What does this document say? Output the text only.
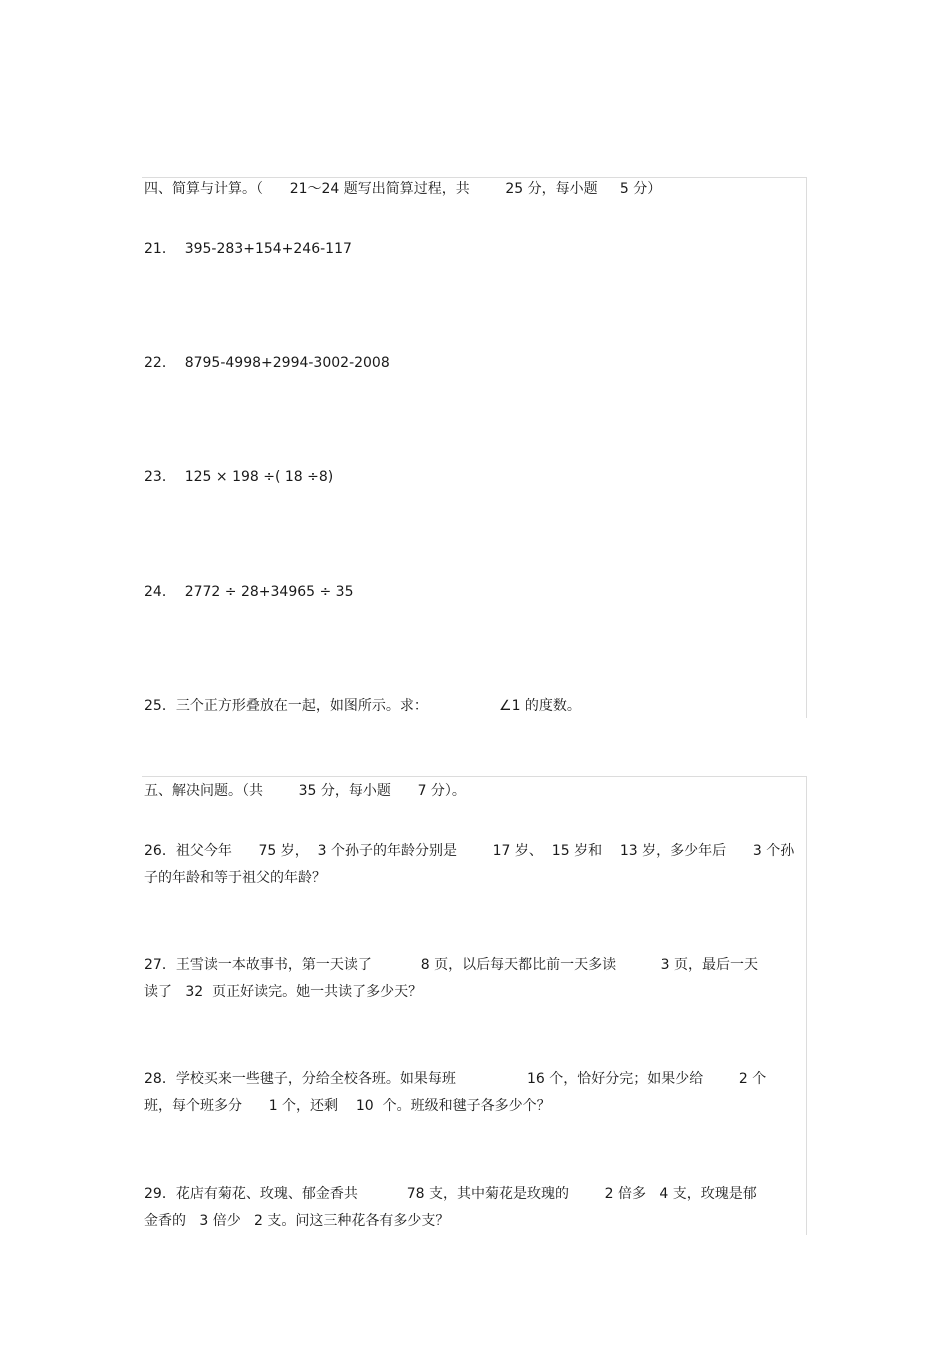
四、简算与计算。（      21～24 题写出简算过程，共        25 分，每小题     5 分）
21．  395-283+154+246-117
22．  8795-4998+2994-3002-2008
23．  125 × 198 ÷( 18 ÷8)
24．  2772 ÷ 28+34965 ÷ 35
25．三个正方形叠放在一起，如图所示。求：                ∠1 的度数。
五、解决问题。（共        35 分，每小题      7 分）。
26．祖父今年      75 岁，  3 个孙子的年龄分别是        17 岁、  15 岁和    13 岁，多少年后      3 个孙
子的年龄和等于祖父的年龄？
27．王雪读一本故事书，第一天读了           8 页，以后每天都比前一天多读          3 页，最后一天
读了   32  页正好读完。她一共读了多少天？
28．学校买来一些毽子，分给全校各班。如果每班                16 个，恰好分完；如果少给        2 个
班，每个班多分      1 个，还剩    10  个。班级和毽子各多少个？
29．花店有菊花、玫瑰、郁金香共           78 支，其中菊花是玫瑰的        2 倍多   4 支，玫瑰是郁
金香的   3 倍少   2 支。问这三种花各有多少支？
